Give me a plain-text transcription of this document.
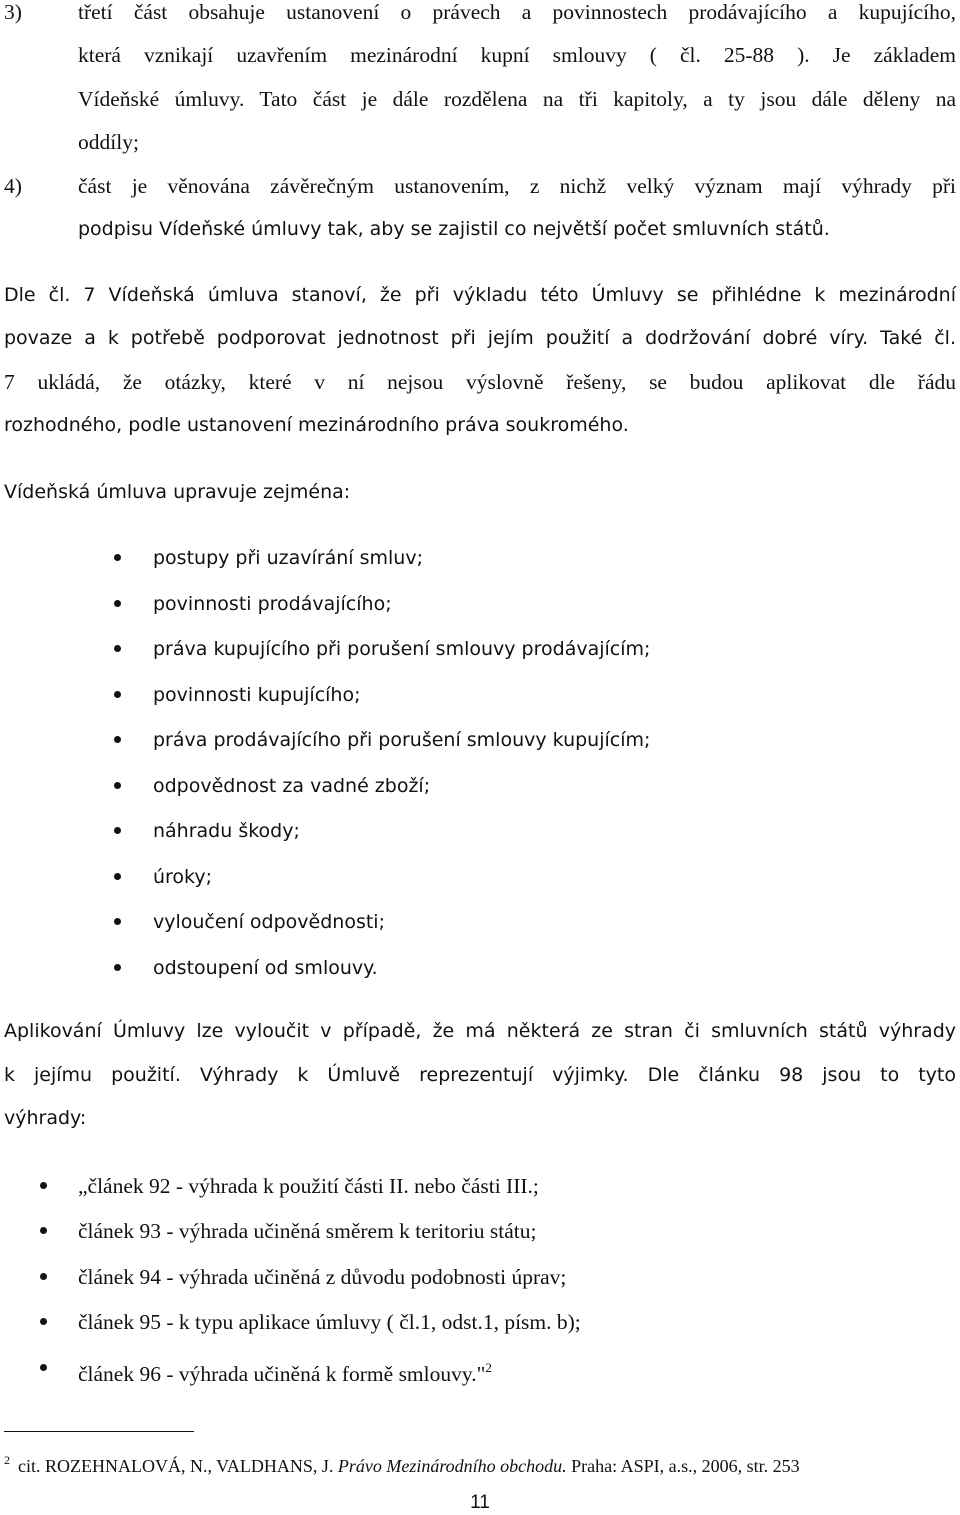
3)	třetí část obsahuje ustanovení o právech a povinnostech prodávajícího a kupujícího,
která vznikají uzavřením mezinárodní kupní smlouvy ( čl. 25-88 ). Je základem
Vídeňské úmluvy. Tato část je dále rozdělena na tři kapitoly, a ty jsou dále děleny na
oddíly;
4)	část je věnována závěrečným ustanovením, z nichž velký význam mají výhrady při
podpisu Vídeňské úmluvy tak, aby se zajistil co největší počet smluvních států.
Dle čl. 7 Vídeňská úmluva stanoví, že při výkladu této Úmluvy se přihlédne k mezinárodní
povaze a k potřebě podporovat jednotnost při jejím použití a dodržování dobré víry. Také čl.
7 ukládá, že otázky, které v ní nejsou výslovně řešeny, se budou aplikovat dle řádu
rozhodného, podle ustanovení mezinárodního práva soukromého.
Vídeňská úmluva upravuje zejména:
postupy při uzavírání smluv;
povinnosti prodávajícího;
práva kupujícího při porušení smlouvy prodávajícím;
povinnosti kupujícího;
práva prodávajícího při porušení smlouvy kupujícím;
odpovědnost za vadné zboží;
náhradu škody;
úroky;
vyloučení odpovědnosti;
odstoupení od smlouvy.
Aplikování Úmluvy lze vyloučit v případě, že má některá ze stran či smluvních států výhrady
k jejímu použití. Výhrady k Úmluvě reprezentují výjimky. Dle článku 98 jsou to tyto
výhrady:
„článek 92 - výhrada k použití části II. nebo části III.;
článek 93 - výhrada učiněná směrem k teritoriu státu;
článek 94 - výhrada učiněná z důvodu podobnosti úprav;
článek 95 - k typu aplikace úmluvy ( čl.1, odst.1, písm. b);
článek 96 - výhrada učiněná k formě smlouvy."$^2$
$^2$ cit. ROZEHNALOVÁ, N., VALDHANS, J. Právo Mezinárodního obchodu. Praha: ASPI, a.s., 2006, str. 253
11
